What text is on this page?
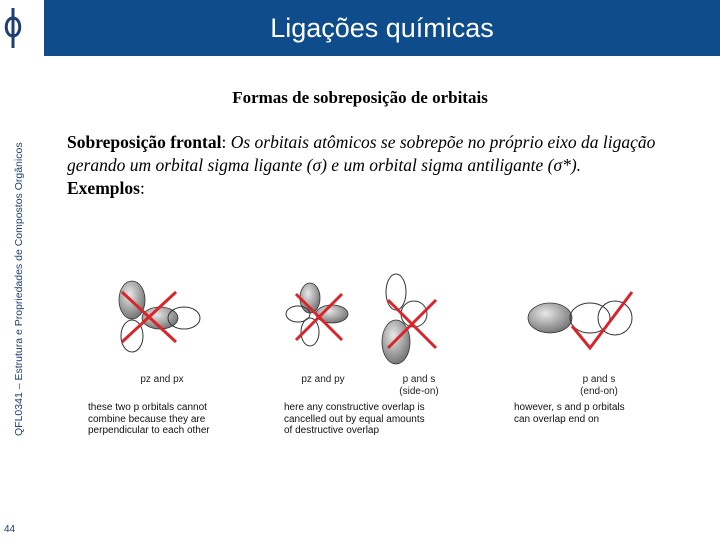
Ligações químicas
QFL0341 – Estrutura e Propriedades de Compostos Orgânicos
44
Formas de sobreposição de orbitais
Sobreposição frontal: Os orbitais atômicos se sobrepõe no próprio eixo da ligação gerando um orbital sigma ligante (σ) e um orbital sigma antiligante (σ*).
Exemplos:
pz and px	pz and py	p and s
(side-on)
p and s
(end-on)
these two p orbitals cannot
combine because they are
perpendicular to each other
here any constructive overlap is
cancelled out by equal amounts
of destructive overlap
however, s and p orbitals
can overlap end on
